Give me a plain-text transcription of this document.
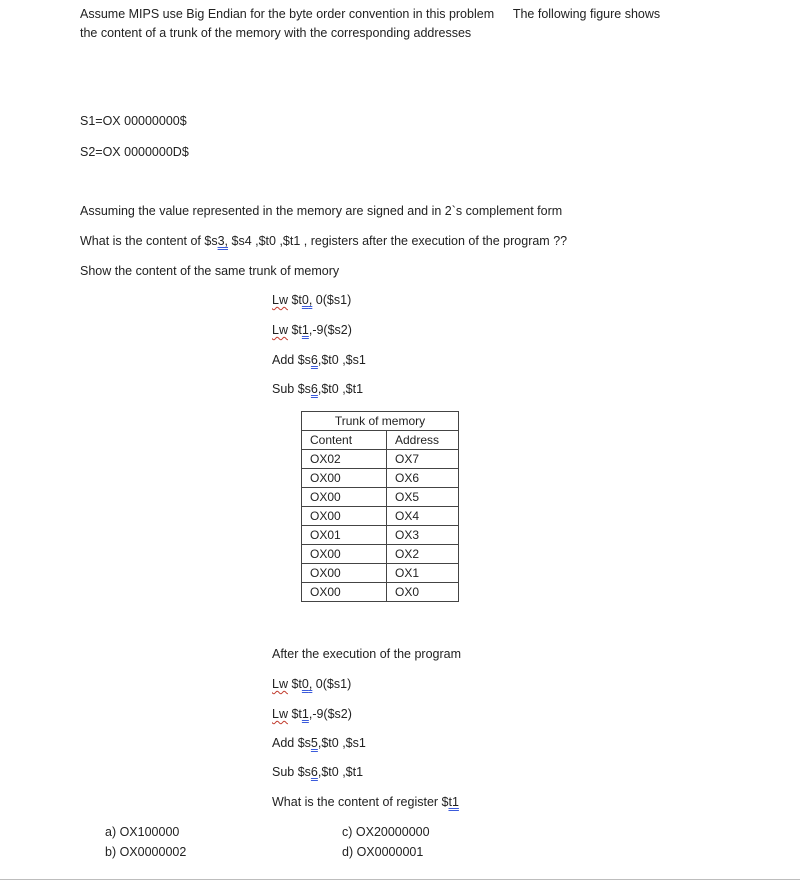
Assume MIPS use Big Endian for the byte order convention in this problem The following figure shows
the content of a trunk of the memory with the corresponding addresses
S1=OX 00000000$
S2=OX 0000000D$
Assuming the value represented in the memory are signed and in 2`s complement form
What is the content of $s3, $s4 ,$t0 ,$t1 , registers after the execution of the program ??
Show the content of the same trunk of memory
Lw $t0, 0($s1)
Lw $t1,-9($s2)
Add $s6,$t0 ,$s1
Sub $s6,$t0 ,$t1
Trunk of memory	
Content	Address
OX02	OX7
OX00	OX6
OX00	OX5
OX00	OX4
OX01	OX3
OX00	OX2
OX00	OX1
OX00	OX0
After the execution of the program
Lw $t0, 0($s1)
Lw $t1,-9($s2)
Add $s5,$t0 ,$s1
Sub $s6,$t0 ,$t1
What is the content of register $t1
a) OX100000
b) OX0000002
c) OX20000000
d) OX0000001
